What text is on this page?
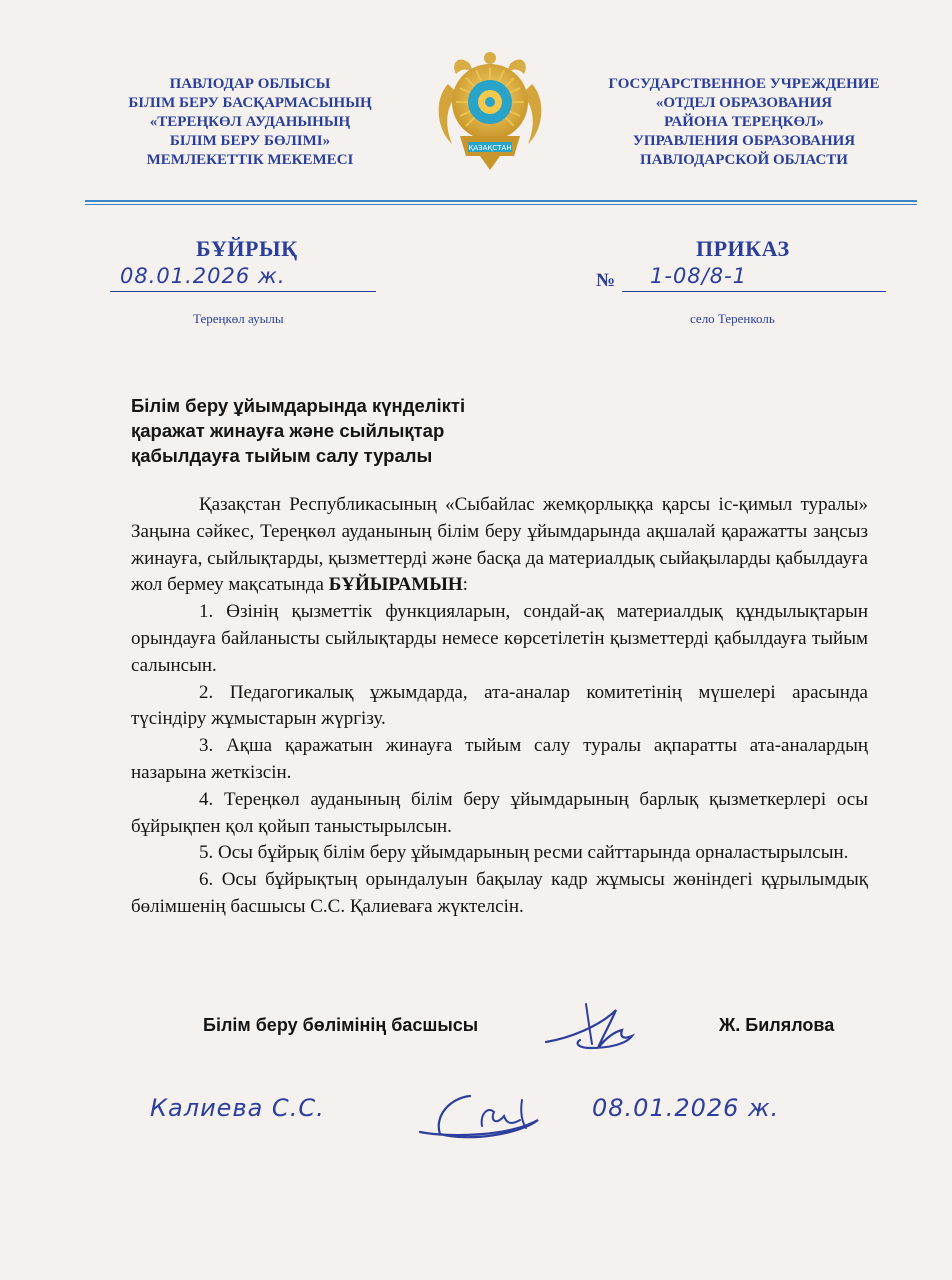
ПАВЛОДАР ОБЛЫСЫ
БІЛІМ БЕРУ БАСҚАРМАСЫНЫҢ
«ТЕРЕҢКӨЛ АУДАНЫНЫҢ
БІЛІМ БЕРУ БӨЛІМІ»
МЕМЛЕКЕТТІК МЕКЕМЕСІ
ҚАЗАҚСТАН
ГОСУДАРСТВЕННОЕ УЧРЕЖДЕНИЕ
«ОТДЕЛ ОБРАЗОВАНИЯ
РАЙОНА ТЕРЕҢКӨЛ»
УПРАВЛЕНИЯ ОБРАЗОВАНИЯ
ПАВЛОДАРСКОЙ ОБЛАСТИ
БҰЙРЫҚ	ПРИКАЗ
08.01.2026 ж.	№ 1-08/8-1
Тереңкөл ауылы	село Теренколь
Білім беру ұйымдарында күнделікті
қаражат жинауға және сыйлықтар
қабылдауға тыйым салу туралы

Қазақстан Республикасының «Сыбайлас жемқорлыққа қарсы іс-қимыл туралы» Заңына сәйкес, Тереңкөл ауданының білім беру ұйымдарында ақшалай қаражатты заңсыз жинауға, сыйлықтарды, қызметтерді және басқа да материалдық сыйақыларды қабылдауға жол бермеу мақсатында БҰЙЫРАМЫН:

1. Өзінің қызметтік функцияларын, сондай-ақ материалдық құндылықтарын орындауға байланысты сыйлықтарды немесе көрсетілетін қызметтерді қабылдауға тыйым салынсын.

2. Педагогикалық ұжымдарда, ата-аналар комитетінің мүшелері арасында түсіндіру жұмыстарын жүргізу.

3. Ақша қаражатын жинауға тыйым салу туралы ақпаратты ата-аналардың назарына жеткізсін.

4. Тереңкөл ауданының білім беру ұйымдарының барлық қызметкерлері осы бұйрықпен қол қойып таныстырылсын.

5. Осы бұйрық білім беру ұйымдарының ресми сайттарында орналастырылсын.

6. Осы бұйрықтың орындалуын бақылау кадр жұмысы жөніндегі құрылымдық бөлімшенің басшысы С.С. Қалиеваға жүктелсін.

Білім беру бөлімінің басшысы	Ж. Билялова
Калиева С.С.	08.01.2026 ж.
